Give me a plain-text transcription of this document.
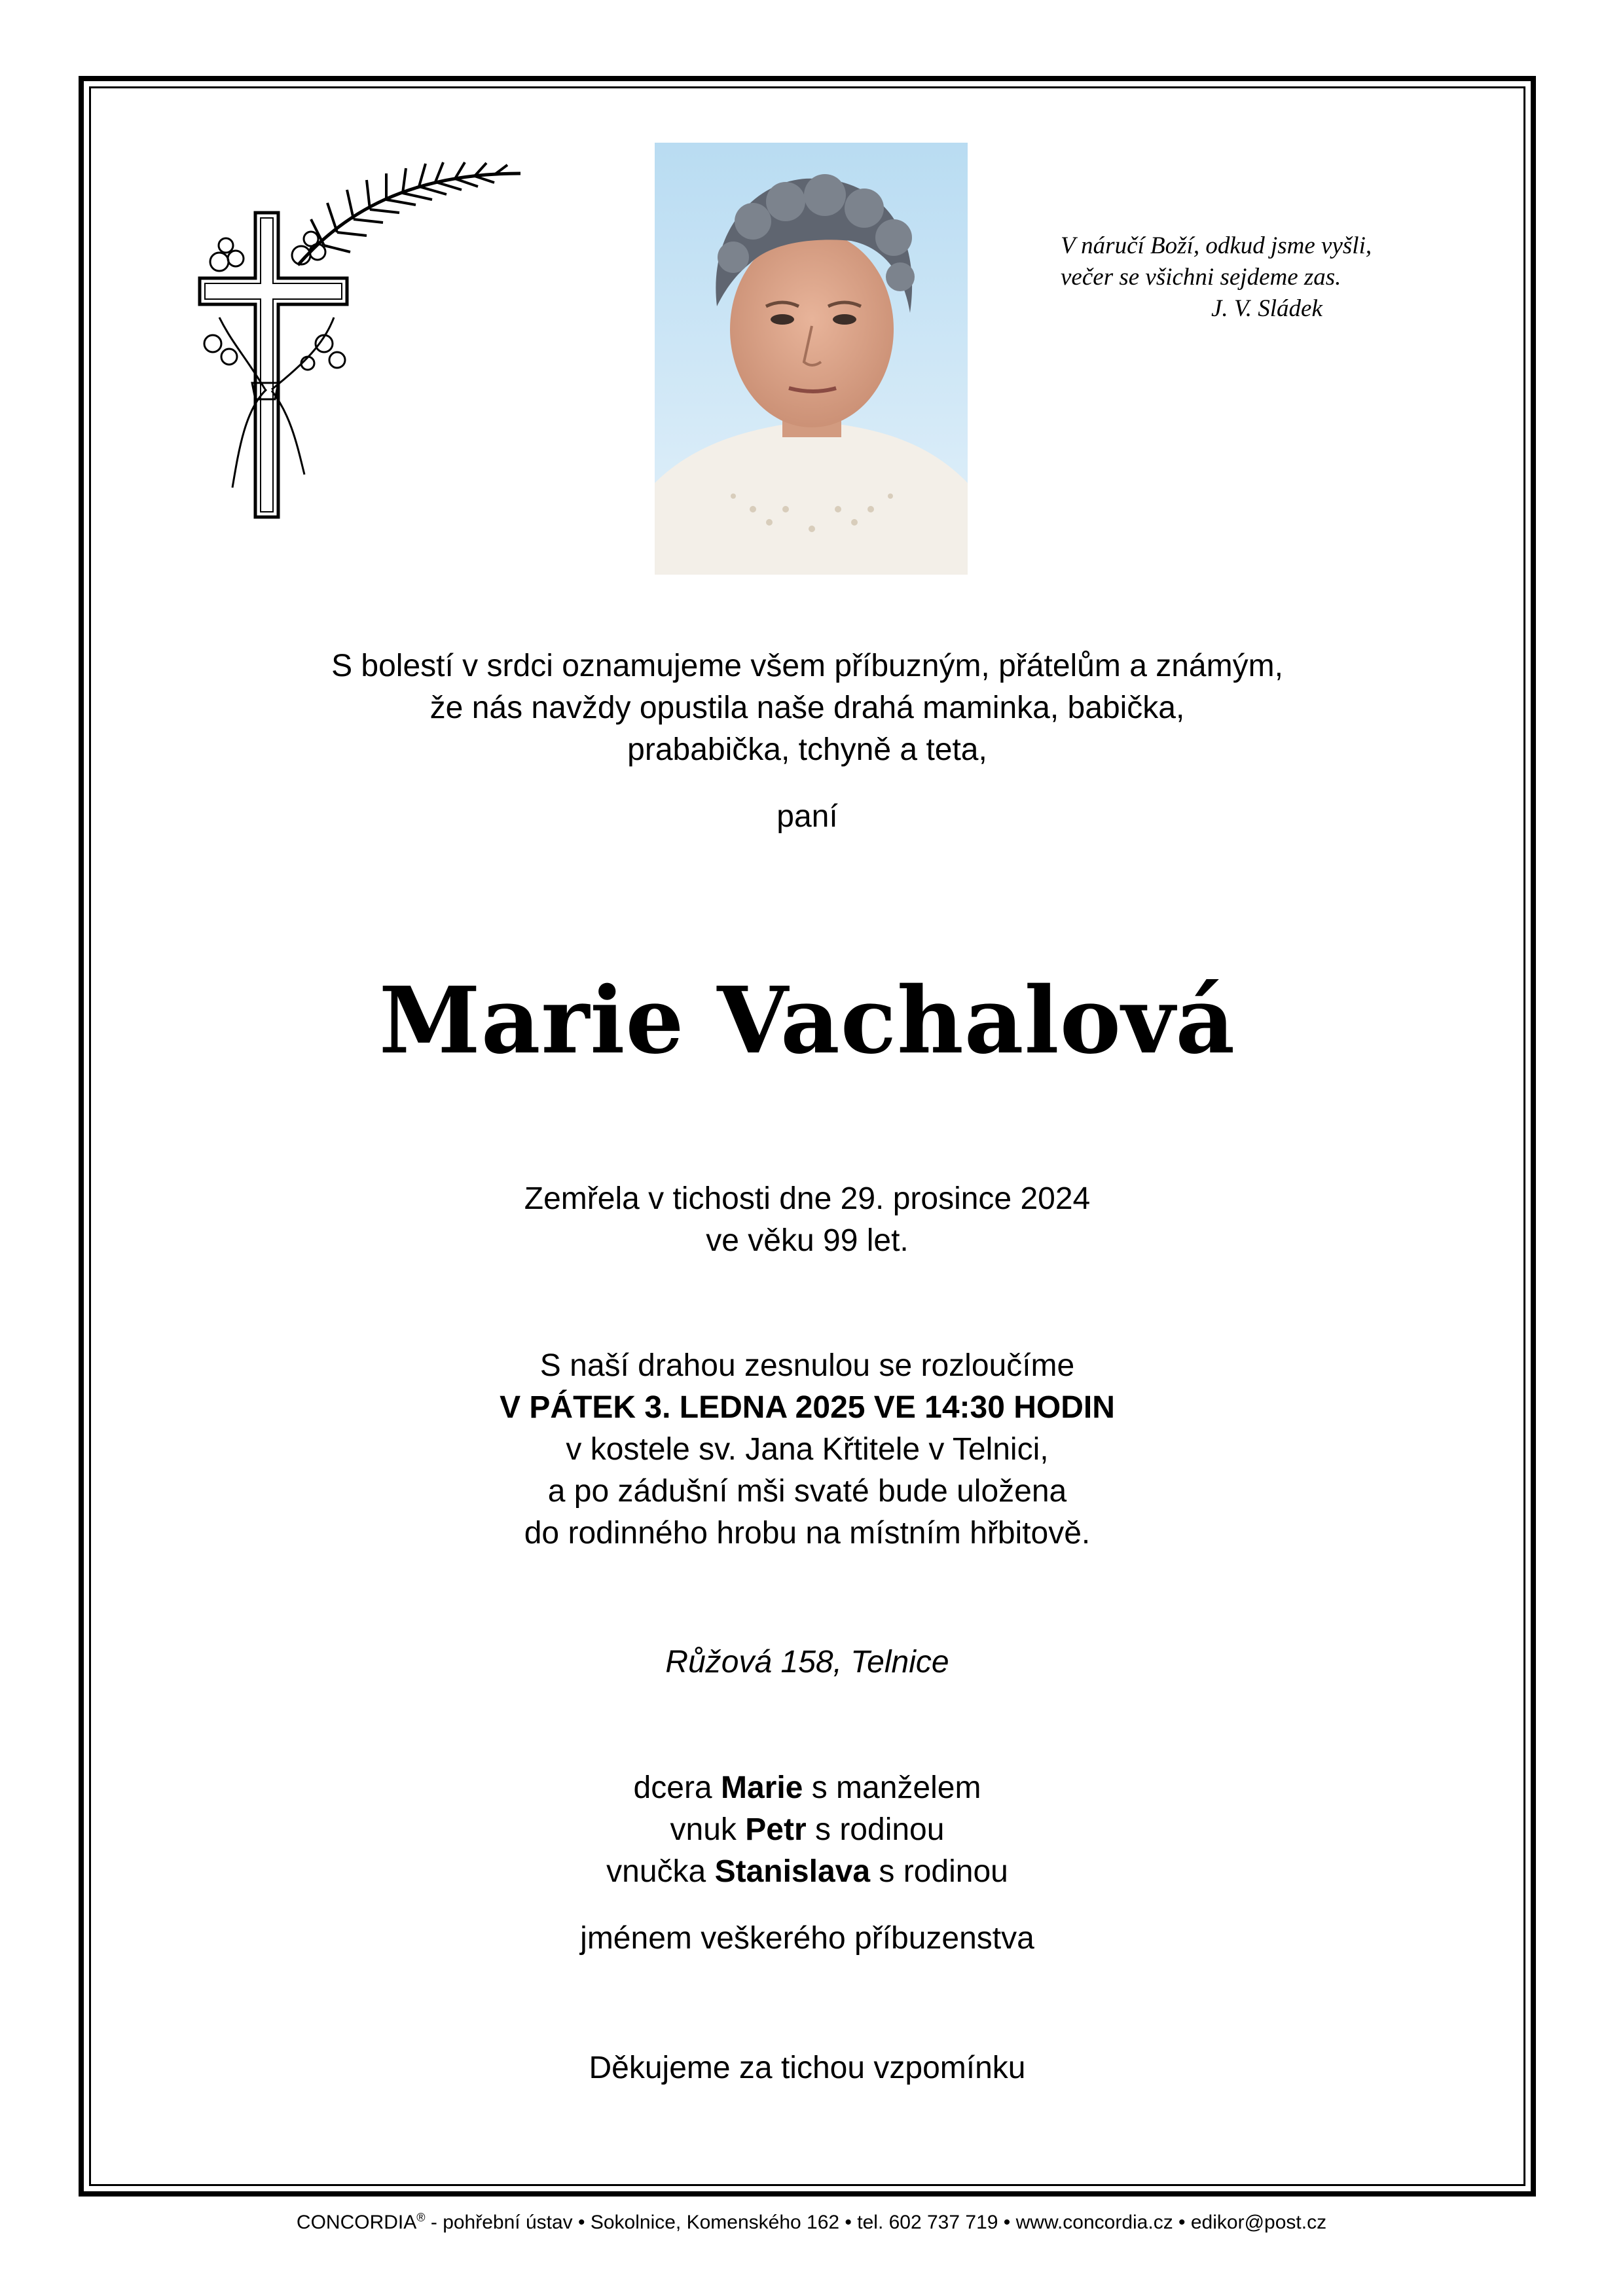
V náručí Boží, odkud jsme vyšli,
večer se všichni sejdeme zas.

J. V. Sládek
S bolestí v srdci oznamujeme všem příbuzným, přátelům a známým,
že nás navždy opustila naše drahá maminka, babička,
prababička, tchyně a teta,
paní
Marie Vachalová
Zemřela v tichosti dne 29. prosince 2024
ve věku 99 let.
S naší drahou zesnulou se rozloučíme
V PÁTEK 3. LEDNA 2025 VE 14:30 HODIN
v kostele sv. Jana Křtitele v Telnici,
a po zádušní mši svaté bude uložena
do rodinného hrobu na místním hřbitově.
Růžová 158, Telnice
dcera Marie s manželem
vnuk Petr s rodinou
vnučka Stanislava s rodinou
jménem veškerého příbuzenstva
Děkujeme za tichou vzpomínku
CONCORDIA® - pohřební ústav • Sokolnice, Komenského 162 • tel. 602 737 719 • www.concordia.cz • edikor@post.cz
